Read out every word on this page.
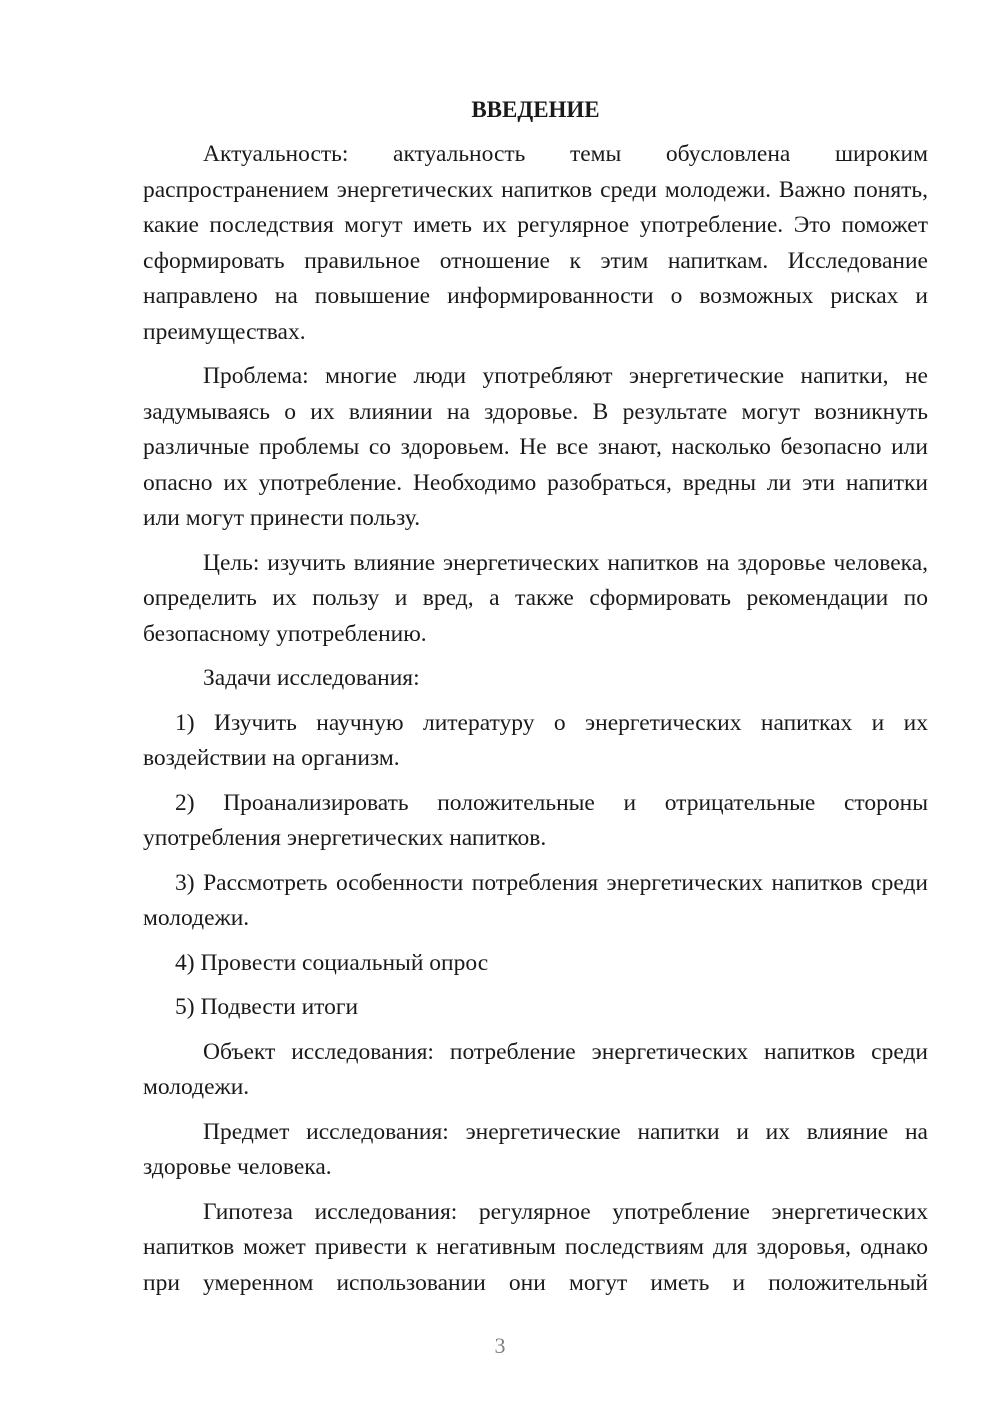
ВВЕДЕНИЕ

Актуальность: актуальность темы обусловлена широким распространением энергетических напитков среди молодежи. Важно понять, какие последствия могут иметь их регулярное употребление. Это поможет сформировать правильное отношение к этим напиткам. Исследование направлено на повышение информированности о возможных рисках и преимуществах.

Проблема: многие люди употребляют энергетические напитки, не задумываясь о их влиянии на здоровье. В результате могут возникнуть различные проблемы со здоровьем. Не все знают, насколько безопасно или опасно их употребление. Необходимо разобраться, вредны ли эти напитки или могут принести пользу.

Цель: изучить влияние энергетических напитков на здоровье человека, определить их пользу и вред, а также сформировать рекомендации по безопасному употреблению.

Задачи исследования:

1) Изучить научную литературу о энергетических напитках и их воздействии на организм.

2) Проанализировать положительные и отрицательные стороны употребления энергетических напитков.

3) Рассмотреть особенности потребления энергетических напитков среди молодежи.

4) Провести социальный опрос

5) Подвести итоги

Объект исследования: потребление энергетических напитков среди молодежи.

Предмет исследования: энергетические напитки и их влияние на здоровье человека.

Гипотеза исследования: регулярное употребление энергетических напитков может привести к негативным последствиям для здоровья, однако при умеренном использовании они могут иметь и положительный

3
